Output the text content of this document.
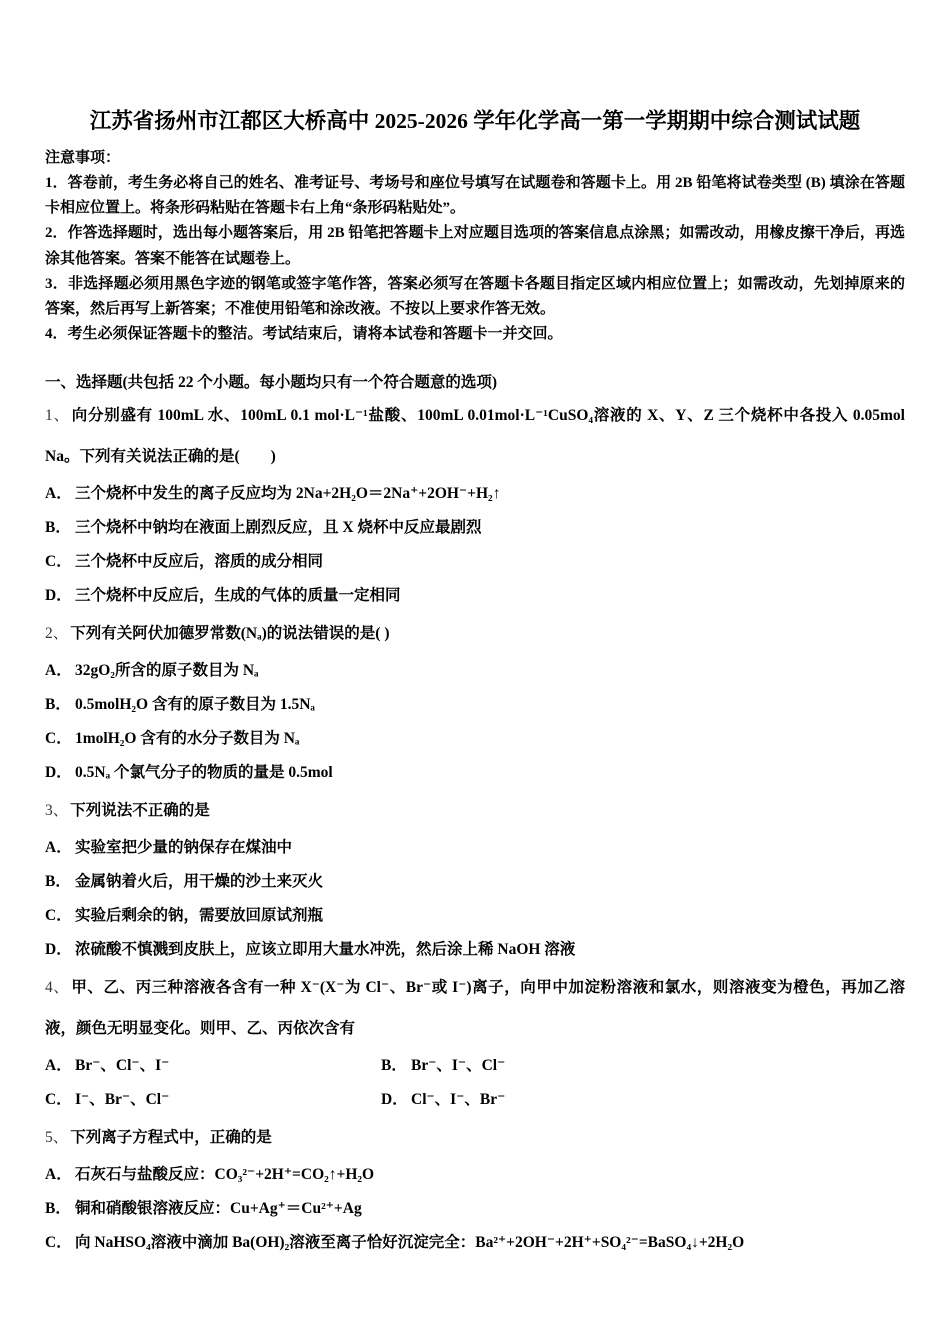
江苏省扬州市江都区大桥高中 2025-2026 学年化学高一第一学期期中综合测试试题
注意事项：
1．答卷前，考生务必将自己的姓名、准考证号、考场号和座位号填写在试题卷和答题卡上。用 2B 铅笔将试卷类型 (B) 填涂在答题卡相应位置上。将条形码粘贴在答题卡右上角“条形码粘贴处”。
2．作答选择题时，选出每小题答案后，用 2B 铅笔把答题卡上对应题目选项的答案信息点涂黑；如需改动，用橡皮擦干净后，再选涂其他答案。答案不能答在试题卷上。
3．非选择题必须用黑色字迹的钢笔或签字笔作答，答案必须写在答题卡各题目指定区域内相应位置上；如需改动，先划掉原来的答案，然后再写上新答案；不准使用铅笔和涂改液。不按以上要求作答无效。
4．考生必须保证答题卡的整洁。考试结束后，请将本试卷和答题卡一并交回。
一、选择题(共包括 22 个小题。每小题均只有一个符合题意的选项)
1、 向分别盛有 100mL 水、100mL 0.1 mol·L⁻¹盐酸、100mL 0.01mol·L⁻¹CuSO₄溶液的 X、Y、Z 三个烧杯中各投入 0.05mol Na。下列有关说法正确的是(　　)
A． 三个烧杯中发生的离子反应均为 2Na+2H₂O＝2Na⁺+2OH⁻+H₂↑
B． 三个烧杯中钠均在液面上剧烈反应，且 X 烧杯中反应最剧烈
C． 三个烧杯中反应后，溶质的成分相同
D． 三个烧杯中反应后，生成的气体的质量一定相同
2、 下列有关阿伏加德罗常数(Nₐ)的说法错误的是( )
A． 32gO₂所含的原子数目为 Nₐ
B． 0.5molH₂O 含有的原子数目为 1.5Nₐ
C． 1molH₂O 含有的水分子数目为 Nₐ
D． 0.5Nₐ 个氯气分子的物质的量是 0.5mol
3、 下列说法不正确的是
A． 实验室把少量的钠保存在煤油中
B． 金属钠着火后，用干燥的沙土来灭火
C． 实验后剩余的钠，需要放回原试剂瓶
D． 浓硫酸不慎溅到皮肤上，应该立即用大量水冲洗，然后涂上稀 NaOH 溶液
4、 甲、乙、丙三种溶液各含有一种 X⁻(X⁻为 Cl⁻、Br⁻或 I⁻)离子，向甲中加淀粉溶液和氯水，则溶液变为橙色，再加乙溶液，颜色无明显变化。则甲、乙、丙依次含有
A． Br⁻、Cl⁻、I⁻	B． Br⁻、I⁻、Cl⁻
C． I⁻、Br⁻、Cl⁻	D． Cl⁻、I⁻、Br⁻
5、 下列离子方程式中，正确的是
A． 石灰石与盐酸反应：CO₃²⁻+2H⁺=CO₂↑+H₂O
B． 铜和硝酸银溶液反应：Cu+Ag⁺＝Cu²⁺+Ag
C． 向 NaHSO₄溶液中滴加 Ba(OH)₂溶液至离子恰好沉淀完全：Ba²⁺+2OH⁻+2H⁺+SO₄²⁻=BaSO₄↓+2H₂O
